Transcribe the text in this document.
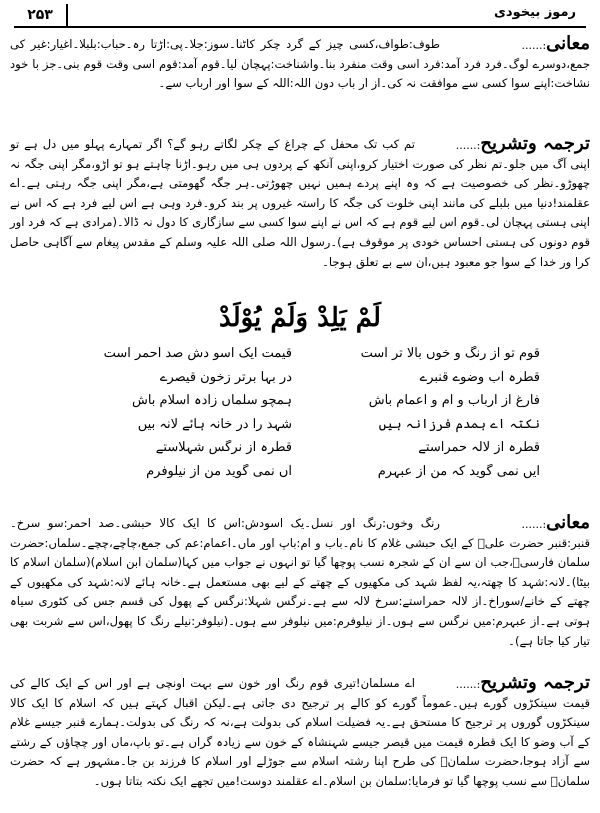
رموز بیخودی
۲۵۳
معانی:......

طوف:طواف،کسی چیز کے گرد چکر کاٹنا۔سوز:جلا۔پی:اڑتا رہ۔حباب:بلبلا۔اغیار:غیر کی جمع،دوسرے لوگ۔فرد فرد آمد:فرد اسی وقت منفرد بنا۔واشناخت:پہچان لیا۔قوم آمد:قوم اسی وقت قوم بنی۔جز با خود نشاخت:اپنے سوا کسی سے موافقت نہ کی۔از ار باب دون اللہ:اللہ کے سوا اور ارباب سے۔

ترجمہ وتشریح:......

تم کب تک محفل کے چراغ کے چکر لگاتے رہو گے؟ اگر تمہارے پہلو میں دل ہے تو اپنی آگ میں جلو۔تم نظر کی صورت اختیار کرو،اپنی آنکھ کے پردوں ہی میں رہو۔اڑنا چاہتے ہو تو اڑو،مگر اپنی جگہ نہ چھوڑو۔نظر کی خصوصیت ہے کہ وہ اپنے پردے ہمیں نہیں چھوڑتی۔ہر جگہ گھومتی ہے،مگر اپنی جگہ رہتی ہے۔اے عقلمند!دنیا میں بلبلے کی مانند اپنی خلوت کی جگہ کا راستہ غیروں پر بند کرو۔فرد وہی ہے اس لیے فرد ہے کہ اس نے اپنی ہستی پہچان لی۔قوم اس لیے قوم ہے کہ اس نے اپنے سوا کسی سے سازگاری کا دول نہ ڈالا۔(مرادی ہے کہ فرد اور قوم دونوں کی ہستی احساس خودی پر موقوف ہے)۔رسول اللہ صلی اللہ علیہ وسلم کے مقدس پیغام سے آگاہی حاصل کرا ور خدا کے سوا جو معبود ہیں،ان سے بے تعلق ہوجا۔

لَمْ یَلِدْ وَلَمْ یُوْلَدْ
قوم تو از رنگ و خوں بالا تر است
قیمت ایک اسو دش صد احمر است
قطرہ آب وضوے قنبرے
در بہا برتر زخون قیصرے
فارغ از ارباب و ام و اعمام باش
ہمچو سلماں زادہ اسلام باش
نکتہ اے ہمدم فرزانہ ہیں
شہد را در خانہ ہائے لانہ بیں
قطرہ از لالہ حمراستے
قطرہ از نرگس شہلاستے
ایں نمی گوید کہ من از عبہرم
آں نمی گوید من از نیلوفرم
معانی:......

رنگ وخوں:رنگ اور نسل۔یک اسودش:اس کا ایک کالا حبشی۔صد احمر:سو سرخ۔قنبر:قنبر حضرت علیؓ کے ایک حبشی غلام کا نام۔باب و ام:باپ اور ماں۔اعمام:عم کی جمع،چاچے،چچے۔سلماں:حضرت سلمان فارسیؓ،جب ان سے ان کے شجرہ نسب پوچھا گیا تو انہوں نے جواب میں کہا(سلمان ابن اسلام)(سلمان اسلام کا بیٹا)۔لانہ:شہد کا چھتہ،یہ لفظ شہد کی مکھیوں کے چھتے کے لیے بھی مستعمل ہے۔خانہ ہائے لانہ:شہد کی مکھیوں کے چھتے کے خانے/سوراخ۔از لالہ حمراستے:سرخ لالہ سے ہے۔نرگس شہلا:نرگس کے پھول کی قسم جس کی کٹوری سیاہ ہوتی ہے۔از عبہرم:میں نرگس سے ہوں۔از نیلوفرم:میں نیلوفر سے ہوں۔(نیلوفر:نیلے رنگ کا پھول،اس سے شربت بھی تیار کیا جاتا ہے)۔

ترجمہ وتشریح:......

اے مسلمان!تیری قوم رنگ اور خون سے بہت اونچی ہے اور اس کے ایک کالے کی قیمت سینکڑوں گورے ہیں۔عموماً گورے کو کالے پر ترجیح دی جاتی ہے۔لیکن اقبال کہتے ہیں کہ اسلام کا ایک کالا سینکڑوں گوروں پر ترجیح کا مستحق ہے۔یہ فضیلت اسلام کی بدولت ہے،نہ کہ رنگ کی بدولت۔ہمارے قنبر جیسے غلام کے آب وضو کا ایک قطرہ قیمت میں قیصر جیسے شہنشاہ کے خون سے زیادہ گراں ہے۔تو باپ،ماں اور چچاؤں کے رشتے سے آزاد ہوجا،حضرت سلمانؓ کی طرح اپنا رشتہ اسلام سے جوڑلے اور اسلام کا فرزند بن جا۔مشہور ہے کہ حضرت سلمانؓ سے نسب پوچھا گیا تو فرمایا:سلمان بن اسلام۔اے عقلمند دوست!میں تجھے ایک نکتہ بتاتا ہوں۔
